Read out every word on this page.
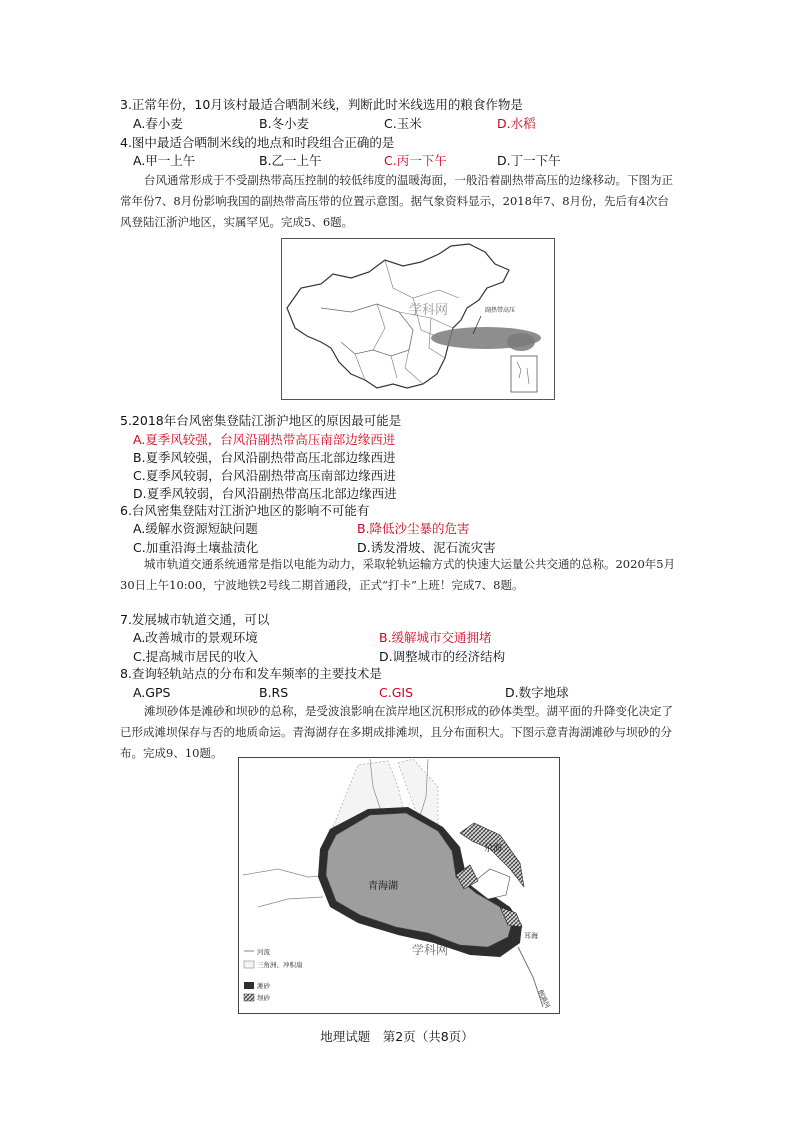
3.正常年份，10月该村最适合晒制米线，判断此时米线选用的粮食作物是
A.春小麦	B.冬小麦	C.玉米	D.水稻
4.图中最适合晒制米线的地点和时段组合正确的是
A.甲一上午	B.乙一上午	C.丙一下午	D.丁一下午
台风通常形成于不受副热带高压控制的较低纬度的温暖海面，一般沿着副热带高压的边缘移动。下图为正常年份7、8月份影响我国的副热带高压带的位置示意图。据气象资料显示，2018年7、8月份，先后有4次台风登陆江浙沪地区，实属罕见。完成5、6题。
副热带高压
学科网
5.2018年台风密集登陆江浙沪地区的原因最可能是
A.夏季风较强，台风沿副热带高压南部边缘西进
B.夏季风较强，台风沿副热带高压北部边缘西进
C.夏季风较弱，台风沿副热带高压南部边缘西进
D.夏季风较弱，台风沿副热带高压北部边缘西进
6.台风密集登陆对江浙沪地区的影响不可能有
A.缓解水资源短缺问题	B.降低沙尘暴的危害
C.加重沿海土壤盐渍化	D.诱发滑坡、泥石流灾害
城市轨道交通系统通常是指以电能为动力，采取轮轨运输方式的快速大运量公共交通的总称。2020年5月30日上午10:00，宁波地铁2号线二期首通段，正式“打卡”上班！完成7、8题。
7.发展城市轨道交通，可以
A.改善城市的景观环境	B.缓解城市交通拥堵
C.提高城市居民的收入	D.调整城市的经济结构
8.查询轻轨站点的分布和发车频率的主要技术是
A.GPS	B.RS	C.GIS	D.数字地球
滩坝砂体是滩砂和坝砂的总称，是受波浪影响在滨岸地区沉积形成的砂体类型。湖平面的升降变化决定了已形成滩坝保存与否的地质命运。青海湖存在多期成排滩坝，且分布面积大。下图示意青海湖滩砂与坝砂的分布。完成9、10题。
青海湖
尕海
耳海
倒淌河
学科网
河流
三角洲、冲积扇
滩砂
坝砂
地理试题　第2页（共8页）
